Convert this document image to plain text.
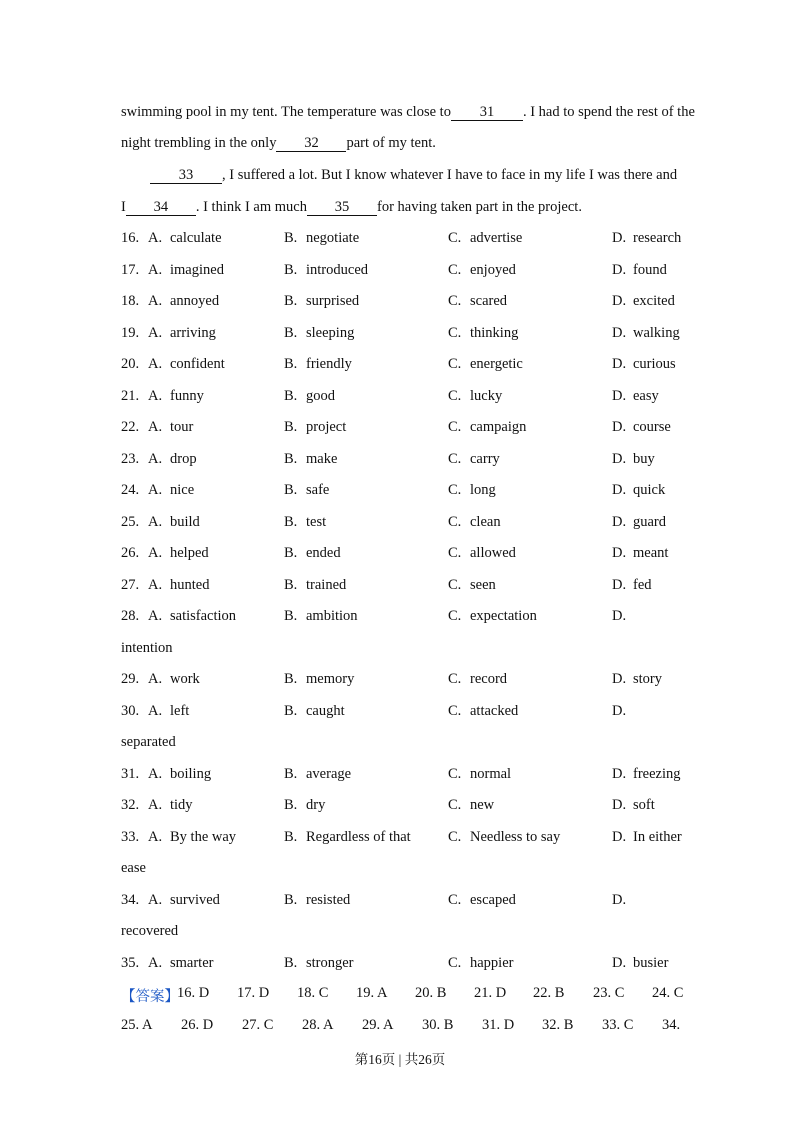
swimming pool in my tent. The temperature was close to 31 . I had to spend the rest of the
night trembling in the only 32 part of my tent.
33 , I suffered a lot. But I know whatever I have to face in my life I was there and
I 34 . I think I am much 35 for having taken part in the project.
16. A. calculate	B. negotiate	C. advertise	D. research
17. A. imagined	B. introduced	C. enjoyed	D. found
18. A. annoyed	B. surprised	C. scared	D. excited
19. A. arriving	B. sleeping	C. thinking	D. walking
20. A. confident	B. friendly	C. energetic	D. curious
21. A. funny	B. good	C. lucky	D. easy
22. A. tour	B. project	C. campaign	D. course
23. A. drop	B. make	C. carry	D. buy
24. A. nice	B. safe	C. long	D. quick
25. A. build	B. test	C. clean	D. guard
26. A. helped	B. ended	C. allowed	D. meant
27. A. hunted	B. trained	C. seen	D. fed
28. A. satisfaction	B. ambition	C. expectation	D.
intention
29. A. work	B. memory	C. record	D. story
30. A. left	B. caught	C. attacked	D.
separated
31. A. boiling	B. average	C. normal	D. freezing
32. A. tidy	B. dry	C. new	D. soft
33. A. By the way	B. Regardless of that	C. Needless to say	D. In either
ease
34. A. survived	B. resisted	C. escaped	D.
recovered
35. A. smarter	B. stronger	C. happier	D. busier
【答案】
16. D 17. D 18. C 19. A 20. B 21. D 22. B 23. C 24. C
25. A 26. D 27. C 28. A 29. A 30. B 31. D 32. B 33. C 34.
第16页 | 共26页
